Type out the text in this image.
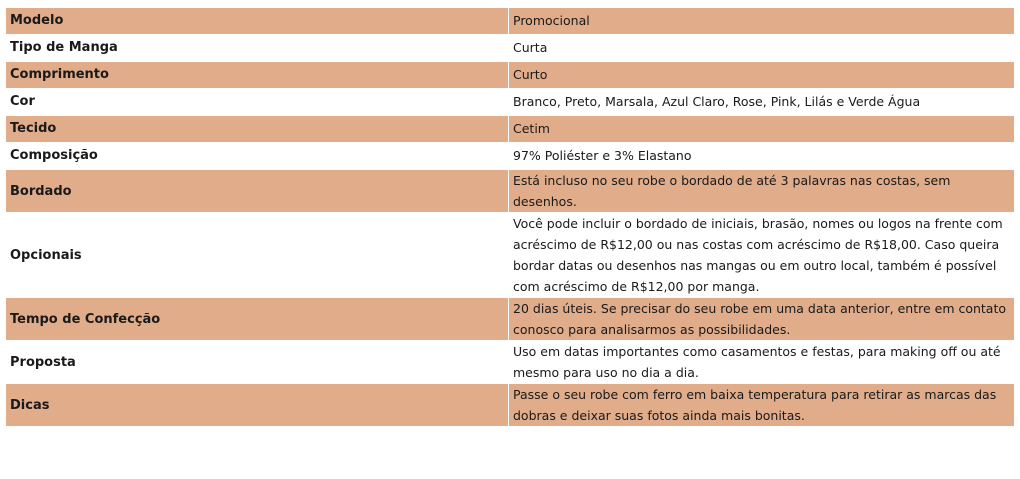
Modelo	Promocional
Tipo de Manga	Curta
Comprimento	Curto
Cor	Branco, Preto, Marsala, Azul Claro, Rose, Pink, Lilás e Verde Água
Tecido	Cetim
Composição	97% Poliéster e 3% Elastano
Bordado	Está incluso no seu robe o bordado de até 3 palavras nas costas, sem desenhos.
Opcionais	Você pode incluir o bordado de iniciais, brasão, nomes ou logos na frente com acréscimo de R$12,00 ou nas costas com acréscimo de R$18,00. Caso queira bordar datas ou desenhos nas mangas ou em outro local, também é possível com acréscimo de R$12,00 por manga.
Tempo de Confecção	20 dias úteis. Se precisar do seu robe em uma data anterior, entre em contato conosco para analisarmos as possibilidades.
Proposta	Uso em datas importantes como casamentos e festas, para making off ou até mesmo para uso no dia a dia.
Dicas	Passe o seu robe com ferro em baixa temperatura para retirar as marcas das dobras e deixar suas fotos ainda mais bonitas.
